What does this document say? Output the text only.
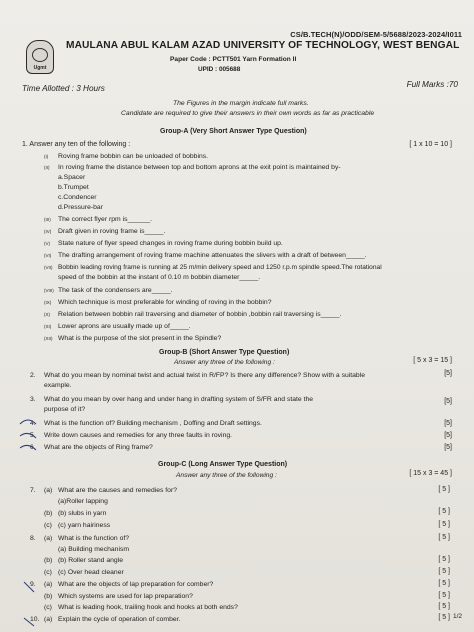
CS/B.TECH(N)/ODD/SEM-5/5688/2023-2024/I011
Ugmt
MAULANA ABUL KALAM AZAD UNIVERSITY OF TECHNOLOGY, WEST BENGAL
Paper Code : PCTT501 Yarn Formation II
UPID : 005688
Time Allotted : 3 Hours	Full Marks :70
The Figures in the margin indicate full marks.
Candidate are required to give their answers in their own words as far as practicable
Group-A (Very Short Answer Type Question)
1. Answer any ten of the following :	[ 1 x 10 = 10 ]
(I) Roving frame bobbin can be unloaded of bobbins.
(II) In roving frame the distance between top and bottom aprons at the exit point is maintained by-
a.Spacer
b.Trumpet
c.Condencer
d.Pressure-bar
(III) The correct flyer rpm is______.
(IV) Draft given in roving frame is_____.
(V) State nature of flyer speed changes in roving frame during bobbin build up.
(VI) The drafting arrangement of roving frame machine attenuates the slivers with a draft of between_____.
(VII) Bobbin leading roving frame is running at 25 m/min delivery speed and 1250 r.p.m spindle speed.The rotational
speed of the bobbin at the instant of 0.10 m bobbin diameter_____.
(VIII) The task of the condensers are_____.
(IX) Which technique is most preferable for winding of roving in the bobbin?
(X) Relation between bobbin rail traversing and diameter of bobbin ,bobbin rail traversing is_____.
(XI) Lower aprons are usually made up of_____.
(XII) What is the purpose of the slot present in the Spindle?
Group-B (Short Answer Type Question)
Answer any three of the following :	[ 5 x 3 = 15 ]
2. What do you mean by nominal twist and actual twist in R/FP? Is there any difference? Show with a suitable	[5]
example.
3. What do you mean by over hang and under hang in drafting system of S/FR and state the	[5]
purpose of it?
4. What is the function of? Building mechanism , Doffing and Draft settings.	[5]
5. Write down causes and remedies for any three faults in roving.	[5]
6. What are the objects of Ring frame?	[5]
Group-C (Long Answer Type Question)
Answer any three of the following :	[ 15 x 3 = 45 ]
7. (a) What are the causes and remedies for?	[ 5 ]
(a)Roller lapping
(b) (b) slubs in yarn	[ 5 ]
(c) (c) yarn hairiness	[ 5 ]
8. (a) What is the function of?	[ 5 ]
(a) Building mechanism
(b) (b) Roller stand angle	[ 5 ]
(c) (c) Over head cleaner	[ 5 ]
9. (a) What are the objects of lap preparation for comber?	[ 5 ]
(b) Which systems are used for lap preparation?	[ 5 ]
(c) What is leading hook, trailing hook and hooks at both ends?	[ 5 ]
10. (a) Explain the cycle of operation of comber.	[ 5 ] 1/2
